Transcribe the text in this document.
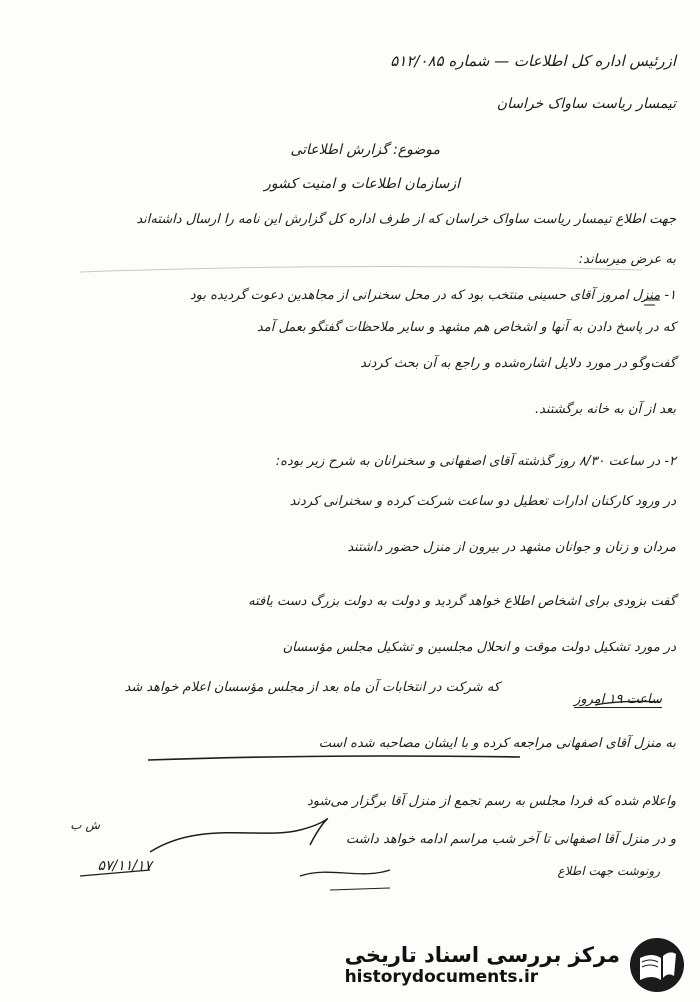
ازرئیس اداره کل اطلاعات — شماره ۵۱۲/۰۸۵
تیمسار ریاست ساواک خراسان
موضوع: گزارش اطلاعاتی
ازسازمان اطلاعات و امنیت کشور
جهت اطلاع تیمسار ریاست ساواک خراسان که از طرف اداره کل گزارش این نامه را ارسال داشته‌اند
به عرض میرساند:
۱- منزل امروز آقای حسینی منتخب بود که در محل سخنرانی از مجاهدین دعوت گردیده بود
که در پاسخ دادن به آنها و اشخاص هم مشهد و سایر ملاحظات گفتگو بعمل آمد
گفت‌وگو در مورد دلایل اشاره‌شده و راجع به آن بحث کردند
بعد از آن به خانه برگشتند.
۲- در ساعت ۸/۳۰ روز گذشته آقای اصفهانی و سخنرانان به شرح زیر بوده:
در ورود کارکنان ادارات تعطیل دو ساعت شرکت کرده و سخنرانی کردند
مردان و زنان و جوانان مشهد در بیرون از منزل حضور داشتند
گفت بزودی برای اشخاص اطلاع خواهد گردید و دولت به دولت بزرگ دست یافته
در مورد تشکیل دولت موقت و انحلال مجلسین و تشکیل مجلس مؤسسان
که شرکت در انتخابات آن ماه بعد از مجلس مؤسسان اعلام خواهد شد
ساعت ۱۹ امروز
به منزل آقای اصفهانی مراجعه کرده و با ایشان مصاحبه شده است
واعلام شده که فردا مجلس به رسم تجمع از منزل آقا برگزار می‌شود
و در منزل آقا اصفهانی تا آخر شب مراسم ادامه خواهد داشت
رونوشت جهت اطلاع
ش ب
۵۷/۱۱/۱۷
مرکز بررسی اسناد تاریخی
historydocuments.ir
